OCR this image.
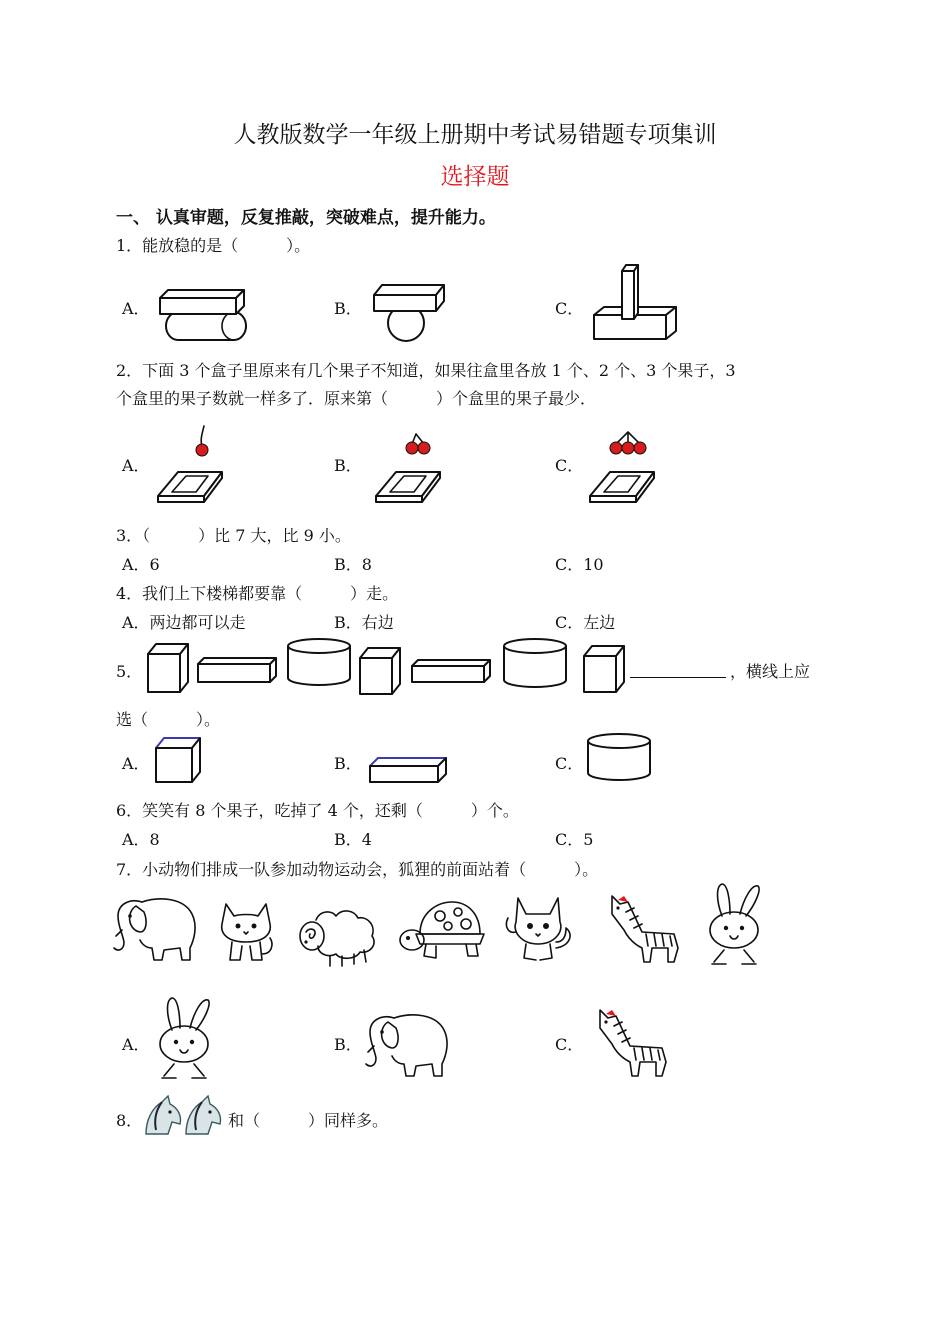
人教版数学一年级上册期中考试易错题专项集训
选择题
一、 认真审题，反复推敲，突破难点，提升能力。
1．能放稳的是（　　　）。
A．	B．	C．
2．下面 3 个盒子里原来有几个果子不知道，如果往盒里各放 1 个、2 个、3 个果子，3
个盒里的果子数就一样多了．原来第（　　　）个盒里的果子最少．
A．	B．	C．
3．（　　　）比 7 大，比 9 小。
A．6	B．8	C．10
4．我们上下楼梯都要靠（　　　）走。
A．两边都可以走	B．右边	C．左边
5．	，横线上应
选（　　　）。
A．	B．	C．
6．笑笑有 8 个果子，吃掉了 4 个，还剩（　　　）个。
A．8	B．4	C．5
7．小动物们排成一队参加动物运动会，狐狸的前面站着（　　　）。
A．	B．	C．
8．	和（　　　）同样多。
